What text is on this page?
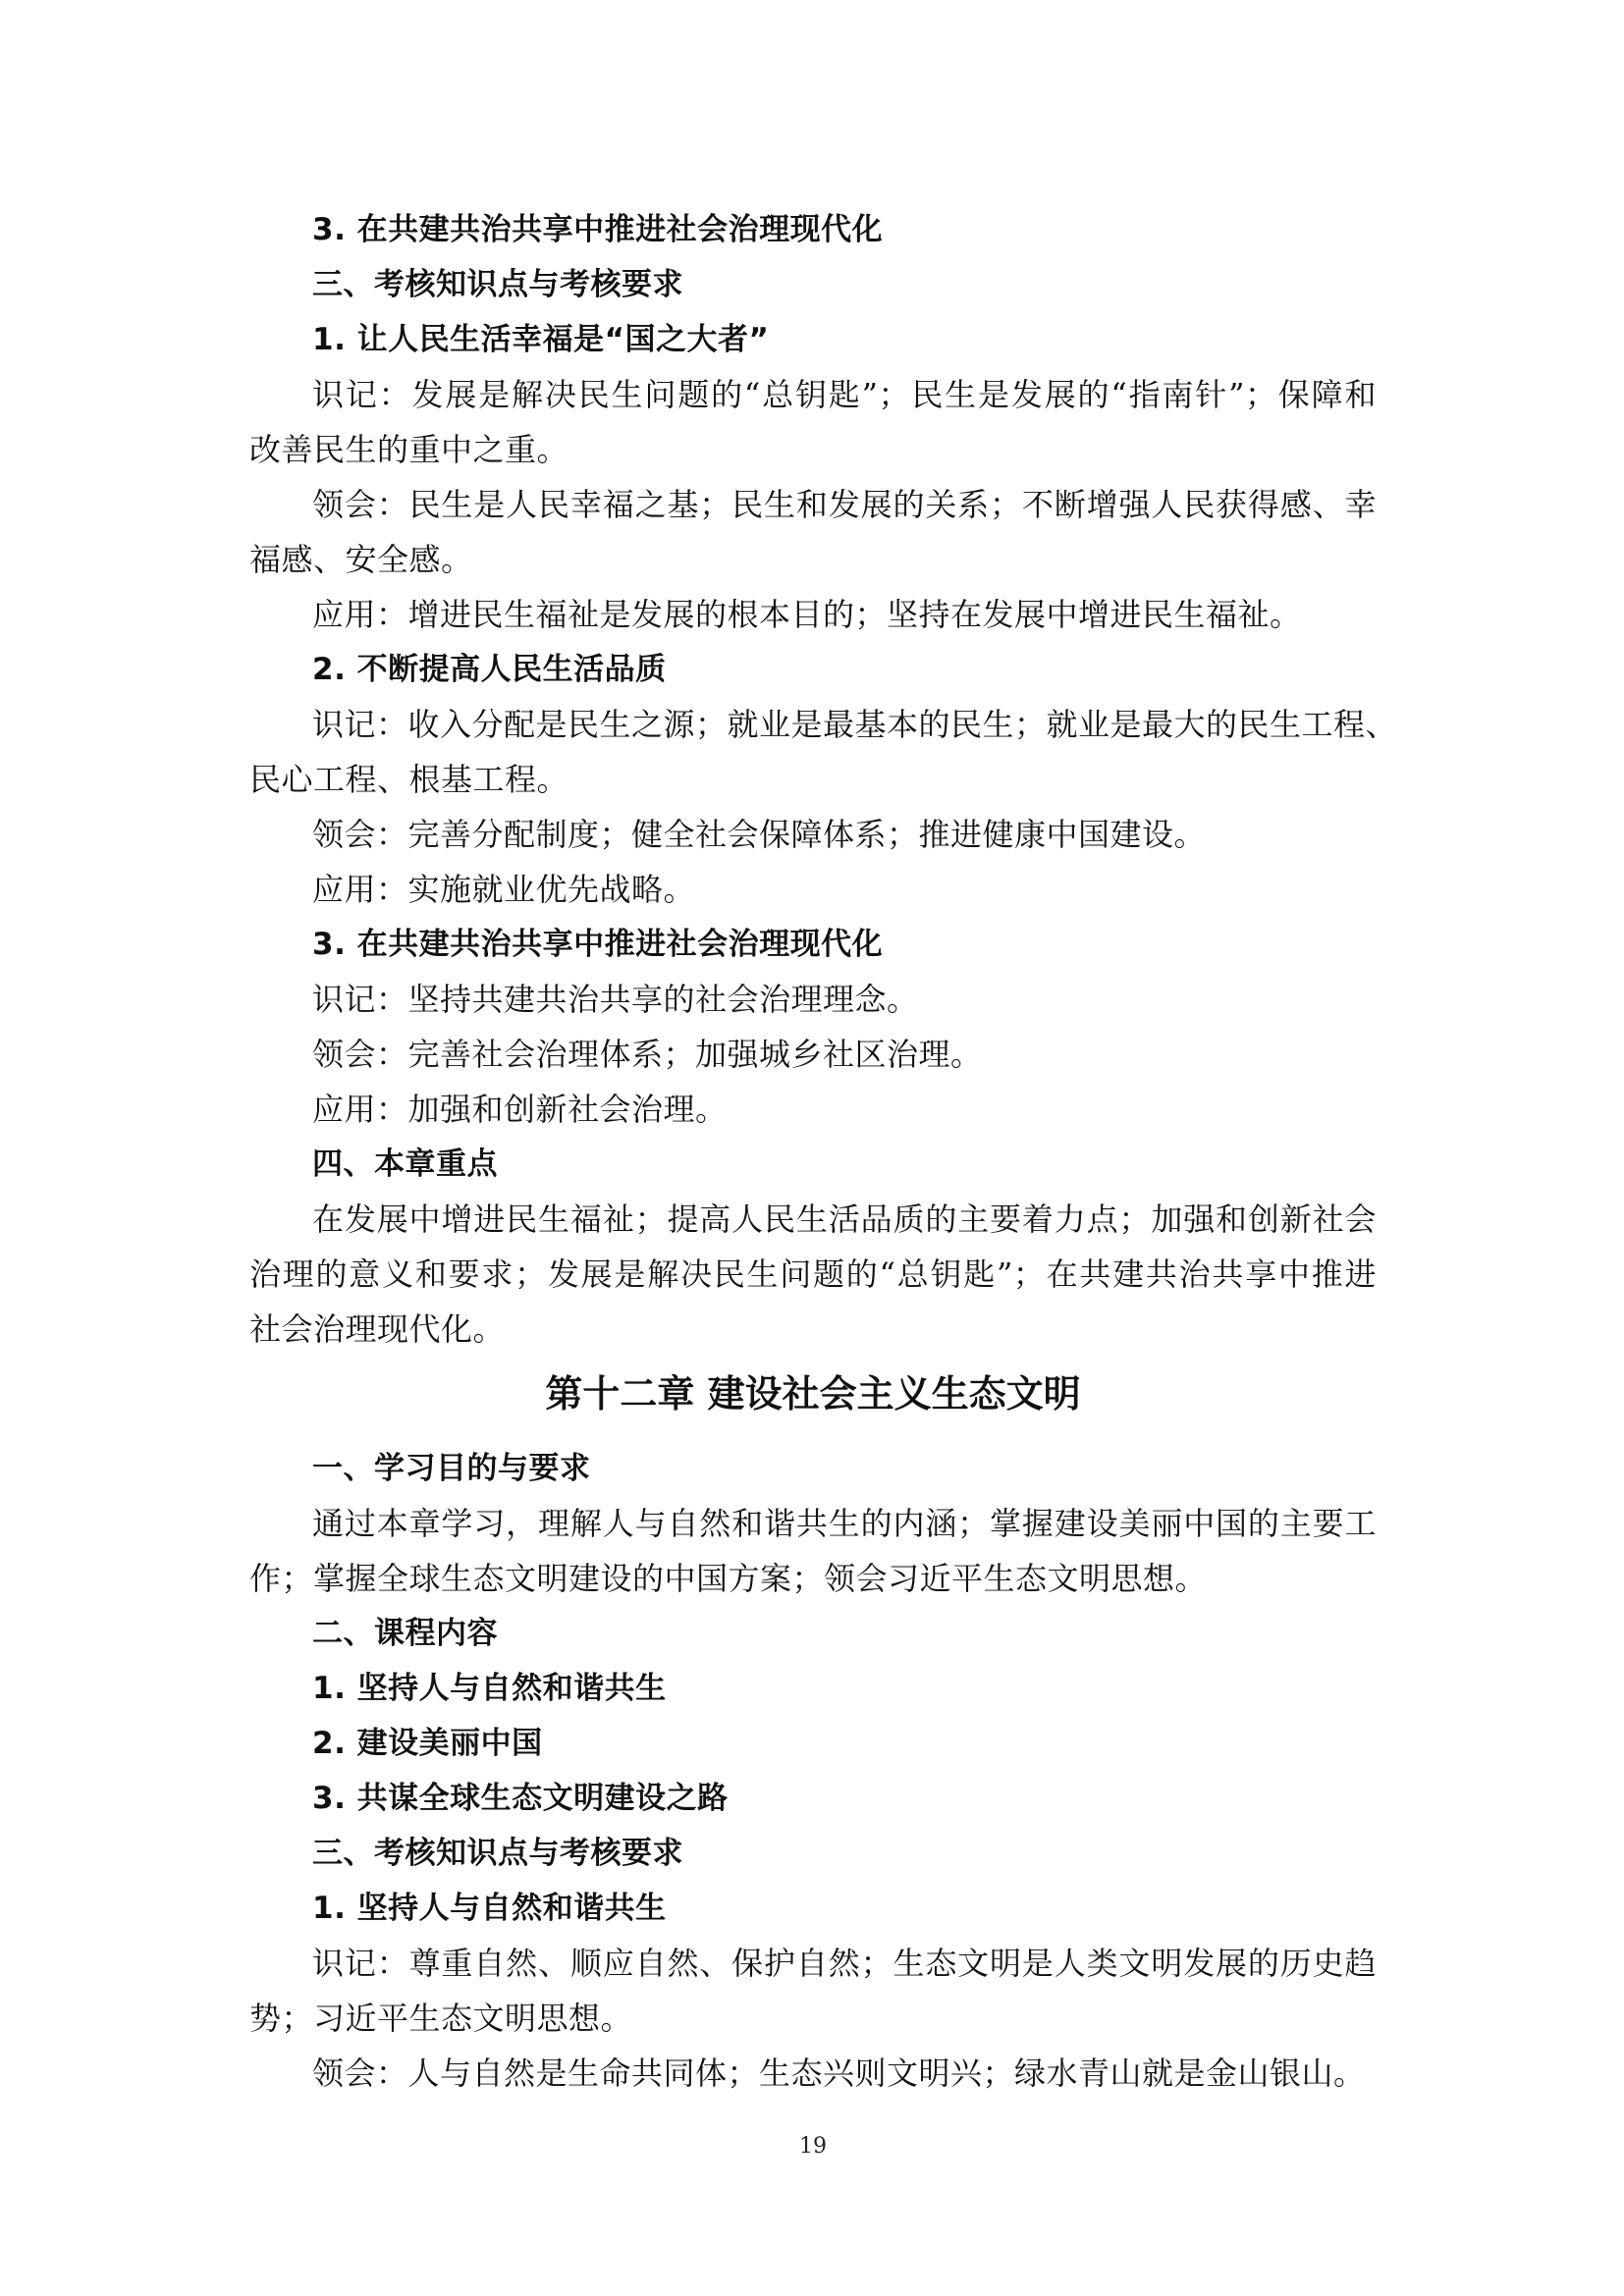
3. 在共建共治共享中推进社会治理现代化
三、考核知识点与考核要求
1. 让人民生活幸福是“国之大者”
识记：发展是解决民生问题的“总钥匙”；民生是发展的“指南针”；保障和
改善民生的重中之重。
领会：民生是人民幸福之基；民生和发展的关系；不断增强人民获得感、幸
福感、安全感。
应用：增进民生福祉是发展的根本目的；坚持在发展中增进民生福祉。
2. 不断提高人民生活品质
识记：收入分配是民生之源；就业是最基本的民生；就业是最大的民生工程、
民心工程、根基工程。
领会：完善分配制度；健全社会保障体系；推进健康中国建设。
应用：实施就业优先战略。
3. 在共建共治共享中推进社会治理现代化
识记：坚持共建共治共享的社会治理理念。
领会：完善社会治理体系；加强城乡社区治理。
应用：加强和创新社会治理。
四、本章重点
在发展中增进民生福祉；提高人民生活品质的主要着力点；加强和创新社会
治理的意义和要求；发展是解决民生问题的“总钥匙”；在共建共治共享中推进
社会治理现代化。
第十二章 建设社会主义生态文明
一、学习目的与要求
通过本章学习，理解人与自然和谐共生的内涵；掌握建设美丽中国的主要工
作；掌握全球生态文明建设的中国方案；领会习近平生态文明思想。
二、课程内容
1. 坚持人与自然和谐共生
2. 建设美丽中国
3. 共谋全球生态文明建设之路
三、考核知识点与考核要求
1. 坚持人与自然和谐共生
识记：尊重自然、顺应自然、保护自然；生态文明是人类文明发展的历史趋
势；习近平生态文明思想。
领会：人与自然是生命共同体；生态兴则文明兴；绿水青山就是金山银山。
19
